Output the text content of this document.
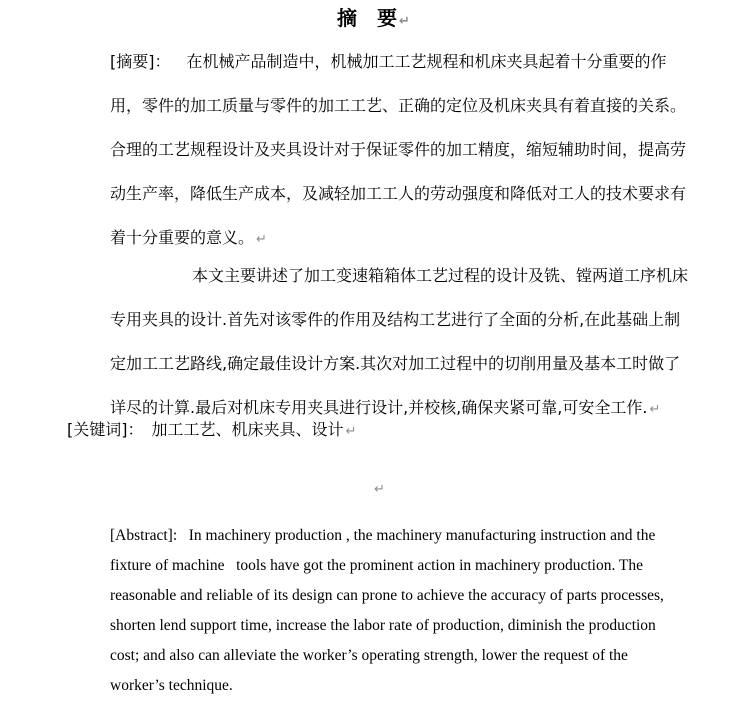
摘 要 ↵
[摘要]： 在机械产品制造中，机械加工工艺规程和机床夹具起着十分重要的作
用，零件的加工质量与零件的加工工艺、正确的定位及机床夹具有着直接的关系。
合理的工艺规程设计及夹具设计对于保证零件的加工精度，缩短辅助时间，提高劳
动生产率，降低生产成本，及减轻加工工人的劳动强度和降低对工人的技术要求有
着十分重要的意义。 ↵
本文主要讲述了加工变速箱箱体工艺过程的设计及铣、镗两道工序机床
专用夹具的设计.首先对该零件的作用及结构工艺进行了全面的分析,在此基础上制
定加工工艺路线,确定最佳设计方案.其次对加工过程中的切削用量及基本工时做了
详尽的计算.最后对机床专用夹具进行设计,并校核,确保夹紧可靠,可安全工作. ↵
[关键词]： 加工工艺、机床夹具、设计 ↵
↵
[Abstract]:  In machinery production , the machinery manufacturing instruction and the
fixture of machine  tools have got the prominent action in machinery production. The
reasonable and reliable of its design can prone to achieve the accuracy of parts processes,
shorten lend support time, increase the labor rate of production, diminish the production
cost; and also can alleviate the worker’s operating strength, lower the request of the
worker’s technique.
